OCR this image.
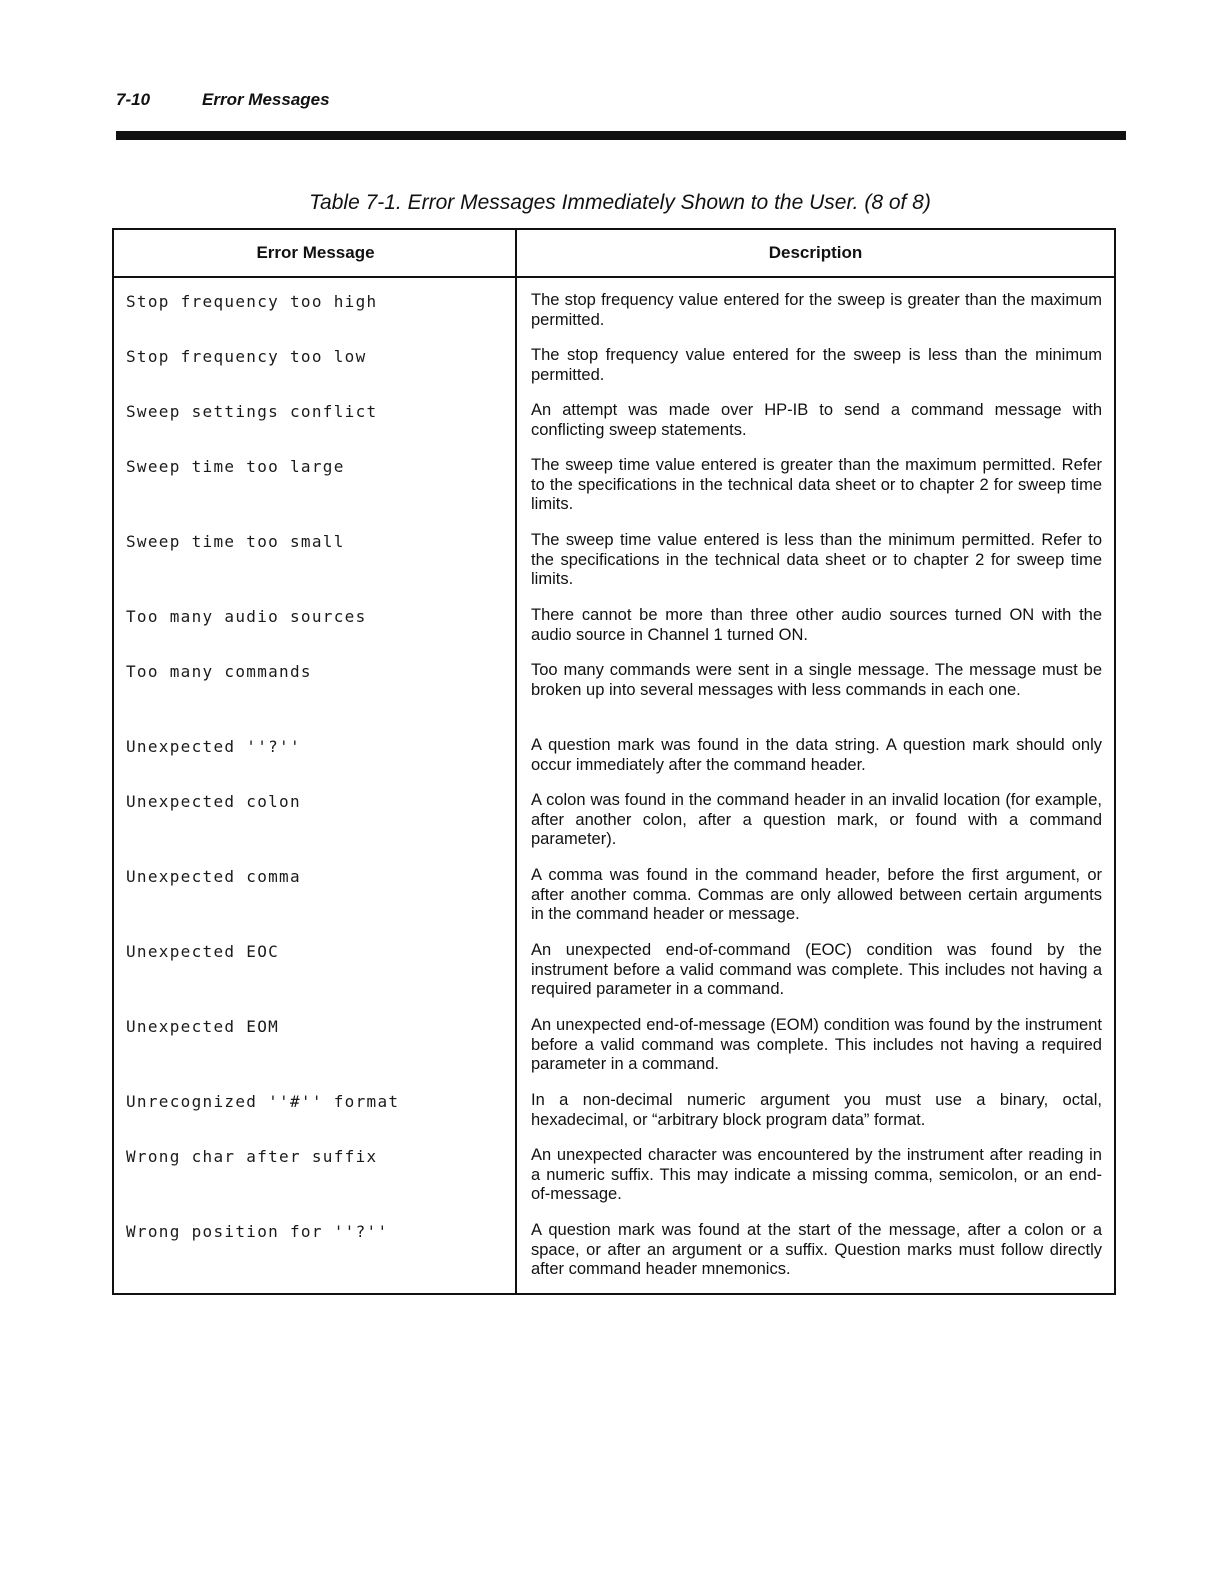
7-10	Error Messages
Table 7-1. Error Messages Immediately Shown to the User. (8 of 8)
Error Message	Description
Stop frequency too high	The stop frequency value entered for the sweep is greater than the maximum permitted.
Stop frequency too low	The stop frequency value entered for the sweep is less than the minimum permitted.
Sweep settings conflict	An attempt was made over HP-IB to send a command message with conflicting sweep statements.
Sweep time too large	The sweep time value entered is greater than the maximum permitted. Refer to the specifications in the technical data sheet or to chapter 2 for sweep time limits.
Sweep time too small	The sweep time value entered is less than the minimum permitted. Refer to the specifications in the technical data sheet or to chapter 2 for sweep time limits.
Too many audio sources	There cannot be more than three other audio sources turned ON with the audio source in Channel 1 turned ON.
Too many commands	Too many commands were sent in a single message. The message must be broken up into several messages with less commands in each one.
Unexpected ''?''	A question mark was found in the data string. A question mark should only occur immediately after the command header.
Unexpected colon	A colon was found in the command header in an invalid location (for example, after another colon, after a question mark, or found with a command parameter).
Unexpected comma	A comma was found in the command header, before the first argument, or after another comma. Commas are only allowed between certain arguments in the command header or message.
Unexpected EOC	An unexpected end-of-command (EOC) condition was found by the instrument before a valid command was complete. This includes not having a required parameter in a command.
Unexpected EOM	An unexpected end-of-message (EOM) condition was found by the instrument before a valid command was complete. This includes not having a required parameter in a command.
Unrecognized ''#'' format	In a non-decimal numeric argument you must use a binary, octal, hexadecimal, or “arbitrary block program data” format.
Wrong char after suffix	An unexpected character was encountered by the instrument after reading in a numeric suffix. This may indicate a missing comma, semicolon, or an end-of-message.
Wrong position for ''?''	A question mark was found at the start of the message, after a colon or a space, or after an argument or a suffix. Question marks must follow directly after command header mnemonics.
